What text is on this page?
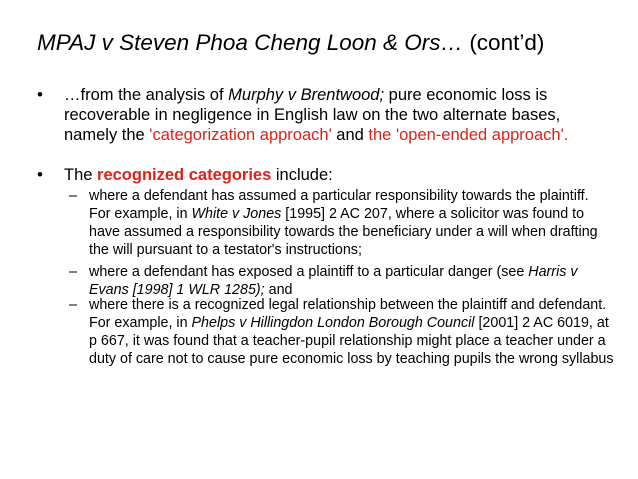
MPAJ v Steven Phoa Cheng Loon & Ors… (cont’d)
• …from the analysis of Murphy v Brentwood; pure economic loss is recoverable in negligence in English law on the two alternate bases, namely the 'categorization approach' and the 'open-ended approach'.
• The recognized categories include:
– where a defendant has assumed a particular responsibility towards the plaintiff. For example, in White v Jones [1995] 2 AC 207, where a solicitor was found to have assumed a responsibility towards the beneficiary under a will when drafting the will pursuant to a testator's instructions;
– where a defendant has exposed a plaintiff to a particular danger (see Harris v Evans [1998] 1 WLR 1285); and
– where there is a recognized legal relationship between the plaintiff and defendant. For example, in Phelps v Hillingdon London Borough Council [2001] 2 AC 6019, at p 667, it was found that a teacher-pupil relationship might place a teacher under a duty of care not to cause pure economic loss by teaching pupils the wrong syllabus
